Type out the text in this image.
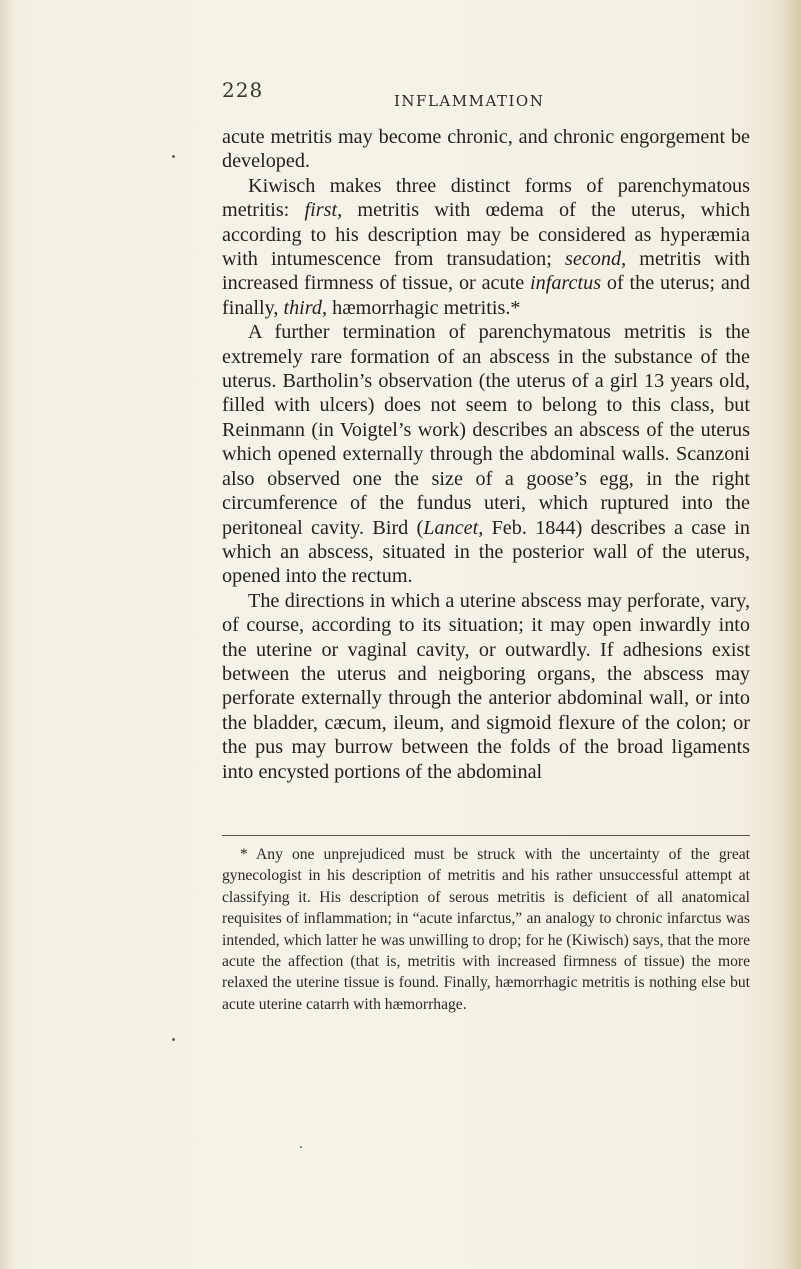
228	INFLAMMATION

acute metritis may become chronic, and chronic engorgement be developed.

Kiwisch makes three distinct forms of parenchymatous metritis: first, metritis with œdema of the uterus, which according to his description may be considered as hyperæmia with intumescence from transudation; second, metritis with increased firmness of tissue, or acute infarctus of the uterus; and finally, third, hæmorrhagic metritis.*

A further termination of parenchymatous metritis is the extremely rare formation of an abscess in the substance of the uterus. Bartholin’s observation (the uterus of a girl 13 years old, filled with ulcers) does not seem to belong to this class, but Reinmann (in Voigtel’s work) describes an abscess of the uterus which opened externally through the abdominal walls. Scanzoni also observed one the size of a goose’s egg, in the right circumference of the fundus uteri, which ruptured into the peritoneal cavity. Bird (Lancet, Feb. 1844) describes a case in which an abscess, situated in the posterior wall of the uterus, opened into the rectum.

The directions in which a uterine abscess may perforate, vary, of course, according to its situation; it may open inwardly into the uterine or vaginal cavity, or outwardly. If adhesions exist between the uterus and neigboring organs, the abscess may perforate externally through the anterior abdominal wall, or into the bladder, cæcum, ileum, and sigmoid flexure of the colon; or the pus may burrow between the folds of the broad ligaments into encysted portions of the abdominal

* Any one unprejudiced must be struck with the uncertainty of the great gynecologist in his description of metritis and his rather unsuccessful attempt at classifying it. His description of serous metritis is deficient of all anatomical requisites of inflammation; in “acute infarctus,” an analogy to chronic infarctus was intended, which latter he was unwilling to drop; for he (Kiwisch) says, that the more acute the affection (that is, metritis with increased firmness of tissue) the more relaxed the uterine tissue is found. Finally, hæmorrhagic metritis is nothing else but acute uterine catarrh with hæmorrhage.
